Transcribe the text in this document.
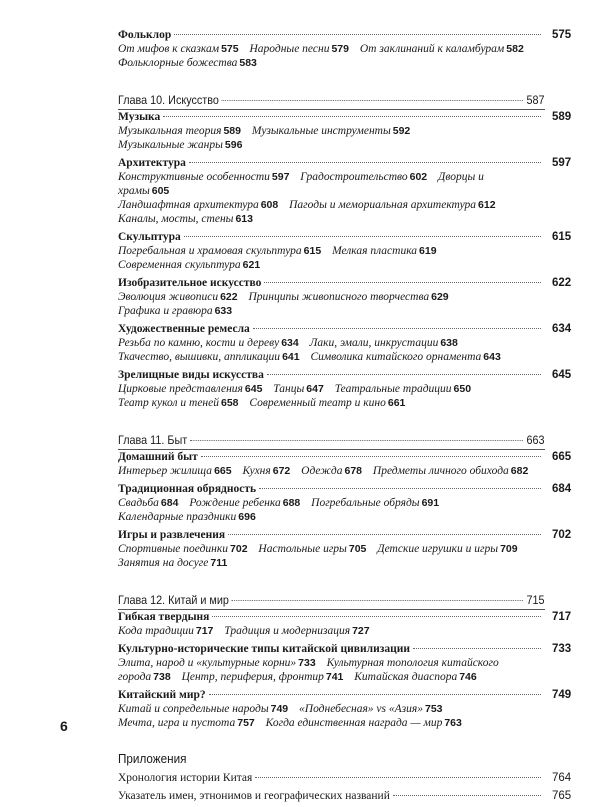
Фольклор	575
От мифов к сказкам 575 Народные песни 579 От заклинаний к каламбурам 582
Фольклорные божества 583
Глава 10. Искусство	587
Музыка	589
Музыкальная теория 589 Музыкальные инструменты 592
Музыкальные жанры 596
Архитектура	597
Конструктивные особенности 597 Градостроительство 602 Дворцы и храмы 605
Ландшафтная архитектура 608 Пагоды и мемориальная архитектура 612
Каналы, мосты, стены 613
Скульптура	615
Погребальная и храмовая скульптура 615 Мелкая пластика 619
Современная скульптура 621
Изобразительное искусство	622
Эволюция живописи 622 Принципы живописного творчества 629
Графика и гравюра 633
Художественные ремесла	634
Резьба по камню, кости и дереву 634 Лаки, эмали, инкрустации 638
Ткачество, вышивки, аппликации 641 Символика китайского орнамента 643
Зрелищные виды искусства	645
Цирковые представления 645 Танцы 647 Театральные традиции 650
Театр кукол и теней 658 Современный театр и кино 661
Глава 11. Быт	663
Домашний быт	665
Интерьер жилища 665 Кухня 672 Одежда 678 Предметы личного обихода 682
Традиционная обрядность	684
Свадьба 684 Рождение ребенка 688 Погребальные обряды 691
Календарные праздники 696
Игры и развлечения	702
Спортивные поединки 702 Настольные игры 705 Детские игрушки и игры 709
Занятия на досуге 711
Глава 12. Китай и мир	715
Гибкая твердыня	717
Кода традиции 717 Традиция и модернизация 727
Культурно-исторические типы китайской цивилизации	733
Элита, народ и «культурные корни» 733 Культурная топология китайского города 738 Центр, периферия, фронтир 741 Китайская диаспора 746
Китайский мир?	749
Китай и сопредельные народы 749 «Поднебесная» vs «Азия» 753
Мечта, игра и пустота 757 Когда единственная награда — мир 763
Приложения
Хронология истории Китая	764
Указатель имен, этнонимов и географических названий	765
6
